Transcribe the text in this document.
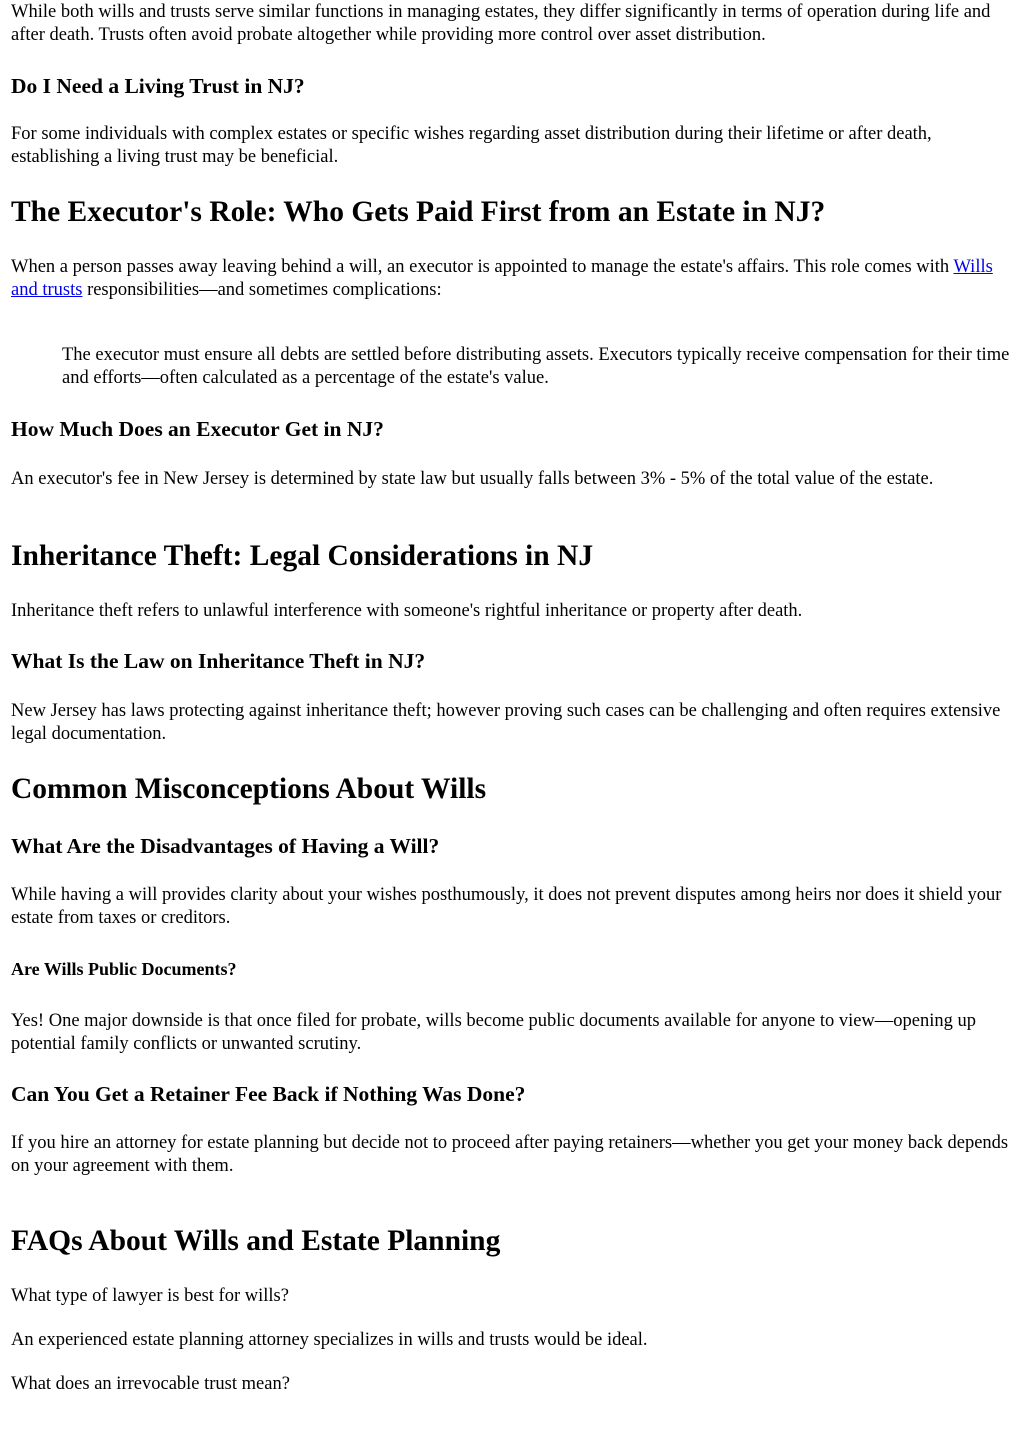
While both wills and trusts serve similar functions in managing estates, they differ significantly in terms of operation during life and after death. Trusts often avoid probate altogether while providing more control over asset distribution.

Do I Need a Living Trust in NJ?

For some individuals with complex estates or specific wishes regarding asset distribution during their lifetime or after death, establishing a living trust may be beneficial.

The Executor's Role: Who Gets Paid First from an Estate in NJ?

When a person passes away leaving behind a will, an executor is appointed to manage the estate's affairs. This role comes with Wills and trusts responsibilities—and sometimes complications:

The executor must ensure all debts are settled before distributing assets. Executors typically receive compensation for their time and efforts—often calculated as a percentage of the estate's value.
How Much Does an Executor Get in NJ?

An executor's fee in New Jersey is determined by state law but usually falls between 3% - 5% of the total value of the estate.

Inheritance Theft: Legal Considerations in NJ

Inheritance theft refers to unlawful interference with someone's rightful inheritance or property after death.

What Is the Law on Inheritance Theft in NJ?

New Jersey has laws protecting against inheritance theft; however proving such cases can be challenging and often requires extensive legal documentation.

Common Misconceptions About Wills
What Are the Disadvantages of Having a Will?

While having a will provides clarity about your wishes posthumously, it does not prevent disputes among heirs nor does it shield your estate from taxes or creditors.

Are Wills Public Documents?

Yes! One major downside is that once filed for probate, wills become public documents available for anyone to view—opening up potential family conflicts or unwanted scrutiny.

Can You Get a Retainer Fee Back if Nothing Was Done?

If you hire an attorney for estate planning but decide not to proceed after paying retainers—whether you get your money back depends on your agreement with them.

FAQs About Wills and Estate Planning

What type of lawyer is best for wills?

An experienced estate planning attorney specializes in wills and trusts would be ideal.

What does an irrevocable trust mean?
